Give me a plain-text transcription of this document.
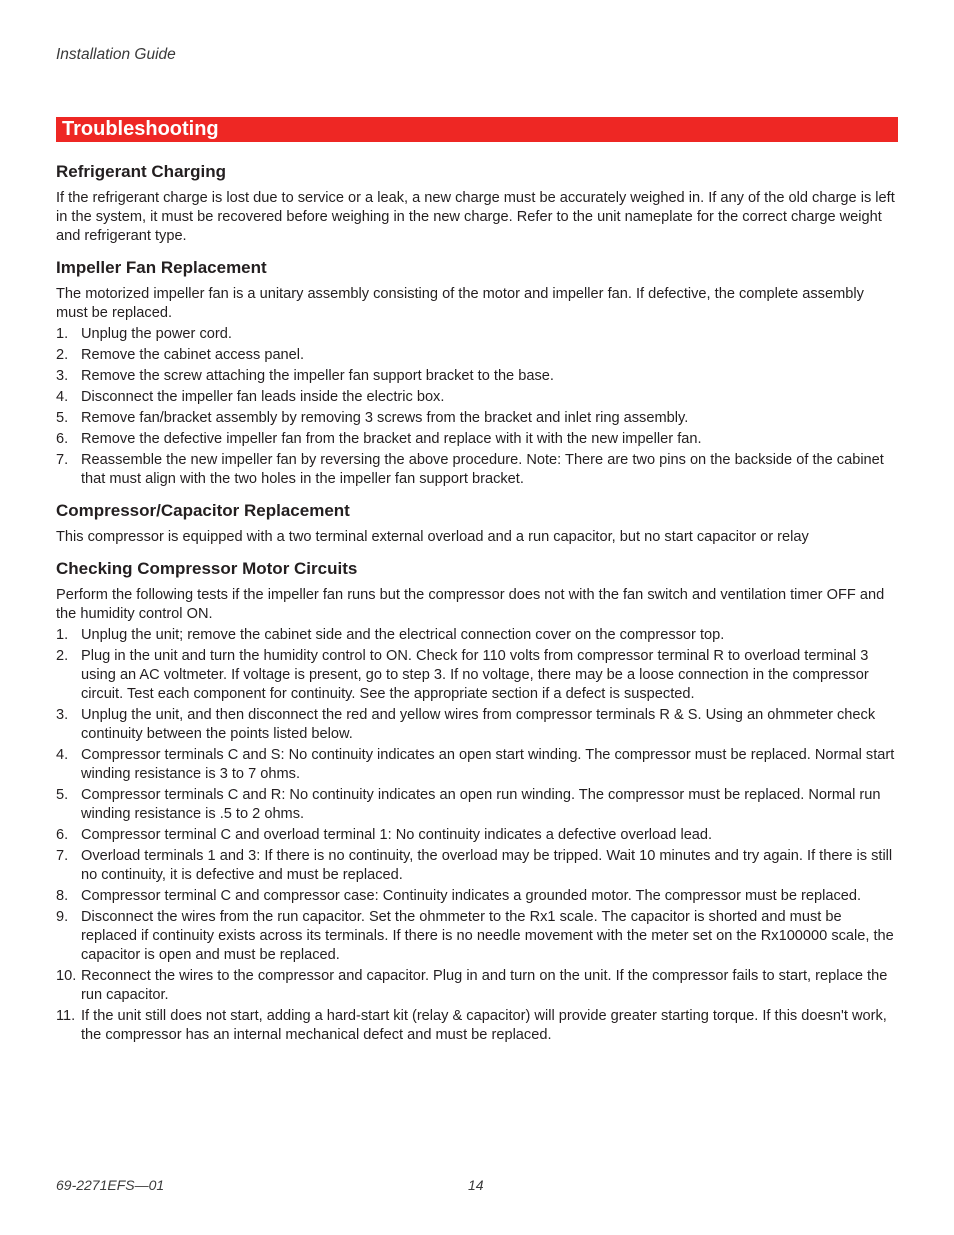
Installation Guide
Troubleshooting
Refrigerant Charging

If the refrigerant charge is lost due to service or a leak, a new charge must be accurately weighed in. If any of the old charge is left in the system, it must be recovered before weighing in the new charge. Refer to the unit nameplate for the correct charge weight and refrigerant type.

Impeller Fan Replacement

The motorized impeller fan is a unitary assembly consisting of the motor and impeller fan. If defective, the complete assembly must be replaced.

1. Unplug the power cord.
2. Remove the cabinet access panel.
3. Remove the screw attaching the impeller fan support bracket to the base.
4. Disconnect the impeller fan leads inside the electric box.
5. Remove fan/bracket assembly by removing 3 screws from the bracket and inlet ring assembly.
6. Remove the defective impeller fan from the bracket and replace with it with the new impeller fan.
7. Reassemble the new impeller fan by reversing the above procedure. Note: There are two pins on the backside of the cabinet that must align with the two holes in the impeller fan support bracket.
Compressor/Capacitor Replacement

This compressor is equipped with a two terminal external overload and a run capacitor, but no start capacitor or relay

Checking Compressor Motor Circuits

Perform the following tests if the impeller fan runs but the compressor does not with the fan switch and ventilation timer OFF and the humidity control ON.

1. Unplug the unit; remove the cabinet side and the electrical connection cover on the compressor top.
2. Plug in the unit and turn the humidity control to ON. Check for 110 volts from compressor terminal R to overload terminal 3 using an AC voltmeter. If voltage is present, go to step 3. If no voltage, there may be a loose connection in the compressor circuit. Test each component for continuity. See the appropriate section if a defect is suspected.
3. Unplug the unit, and then disconnect the red and yellow wires from compressor terminals R & S. Using an ohmmeter check continuity between the points listed below.
4. Compressor terminals C and S: No continuity indicates an open start winding. The compressor must be replaced. Normal start winding resistance is 3 to 7 ohms.
5. Compressor terminals C and R: No continuity indicates an open run winding. The compressor must be replaced. Normal run winding resistance is .5 to 2 ohms.
6. Compressor terminal C and overload terminal 1: No continuity indicates a defective overload lead.
7. Overload terminals 1 and 3: If there is no continuity, the overload may be tripped. Wait 10 minutes and try again. If there is still no continuity, it is defective and must be replaced.
8. Compressor terminal C and compressor case: Continuity indicates a grounded motor. The compressor must be replaced.
9. Disconnect the wires from the run capacitor. Set the ohmmeter to the Rx1 scale. The capacitor is shorted and must be replaced if continuity exists across its terminals. If there is no needle movement with the meter set on the Rx100000 scale, the capacitor is open and must be replaced.
10. Reconnect the wires to the compressor and capacitor. Plug in and turn on the unit. If the compressor fails to start, replace the run capacitor.
11. If the unit still does not start, adding a hard-start kit (relay & capacitor) will provide greater starting torque. If this doesn't work, the compressor has an internal mechanical defect and must be replaced.
69-2271EFS—01	14
